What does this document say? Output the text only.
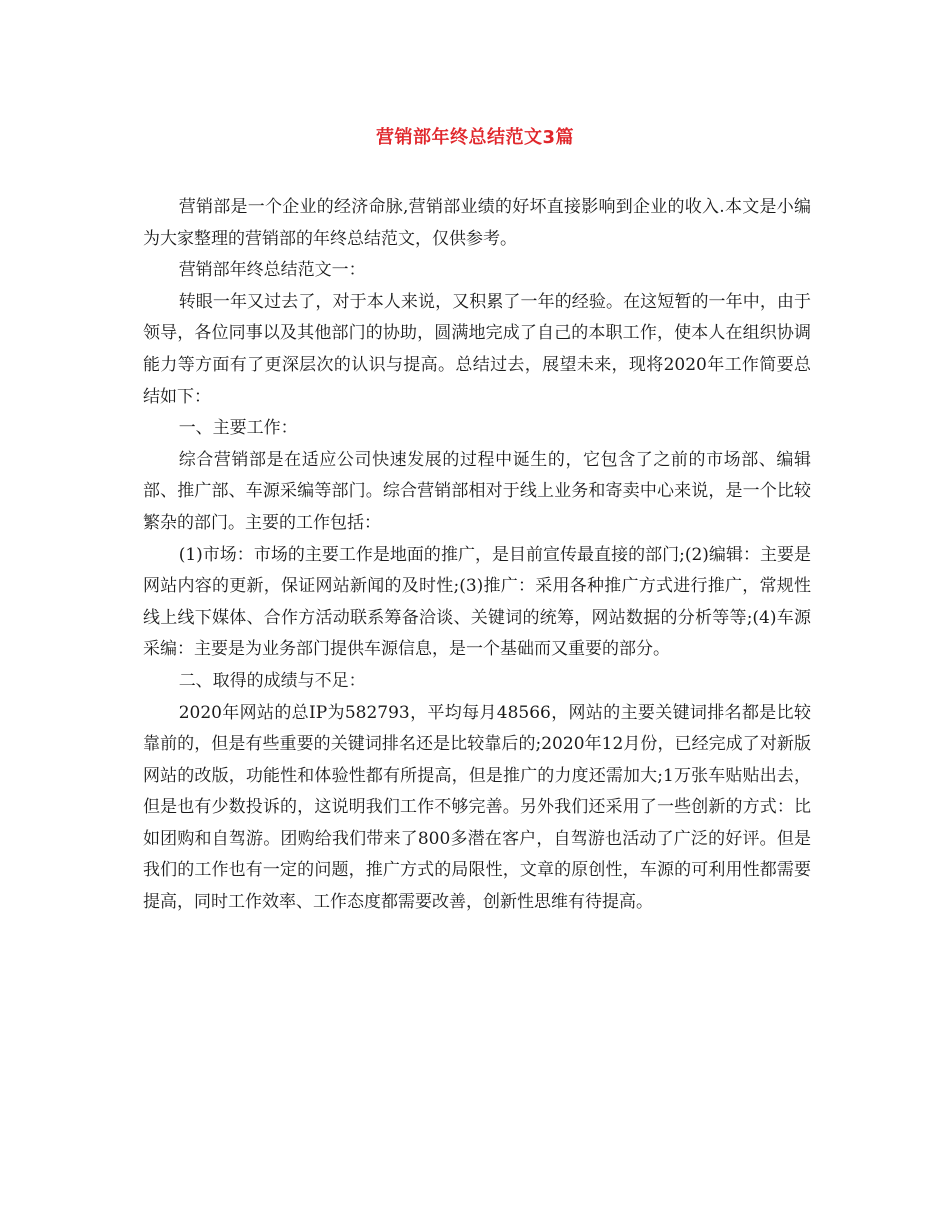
营销部年终总结范文3篇

营销部是一个企业的经济命脉,营销部业绩的好坏直接影响到企业的收入.本文是小编为大家整理的营销部的年终总结范文，仅供参考。

营销部年终总结范文一：

转眼一年又过去了，对于本人来说，又积累了一年的经验。在这短暂的一年中，由于领导，各位同事以及其他部门的协助，圆满地完成了自己的本职工作，使本人在组织协调能力等方面有了更深层次的认识与提高。总结过去，展望未来，现将2020年工作简要总结如下：

一、主要工作：

综合营销部是在适应公司快速发展的过程中诞生的，它包含了之前的市场部、编辑部、推广部、车源采编等部门。综合营销部相对于线上业务和寄卖中心来说，是一个比较繁杂的部门。主要的工作包括：

(1)市场：市场的主要工作是地面的推广，是目前宣传最直接的部门;(2)编辑：主要是网站内容的更新，保证网站新闻的及时性;(3)推广：采用各种推广方式进行推广，常规性线上线下媒体、合作方活动联系筹备洽谈、关键词的统筹，网站数据的分析等等;(4)车源采编：主要是为业务部门提供车源信息，是一个基础而又重要的部分。

二、取得的成绩与不足：

2020年网站的总IP为582793，平均每月48566，网站的主要关键词排名都是比较靠前的，但是有些重要的关键词排名还是比较靠后的;2020年12月份，已经完成了对新版网站的改版，功能性和体验性都有所提高，但是推广的力度还需加大;1万张车贴贴出去，但是也有少数投诉的，这说明我们工作不够完善。另外我们还采用了一些创新的方式：比如团购和自驾游。团购给我们带来了800多潜在客户，自驾游也活动了广泛的好评。但是我们的工作也有一定的问题，推广方式的局限性，文章的原创性，车源的可利用性都需要提高，同时工作效率、工作态度都需要改善，创新性思维有待提高。
